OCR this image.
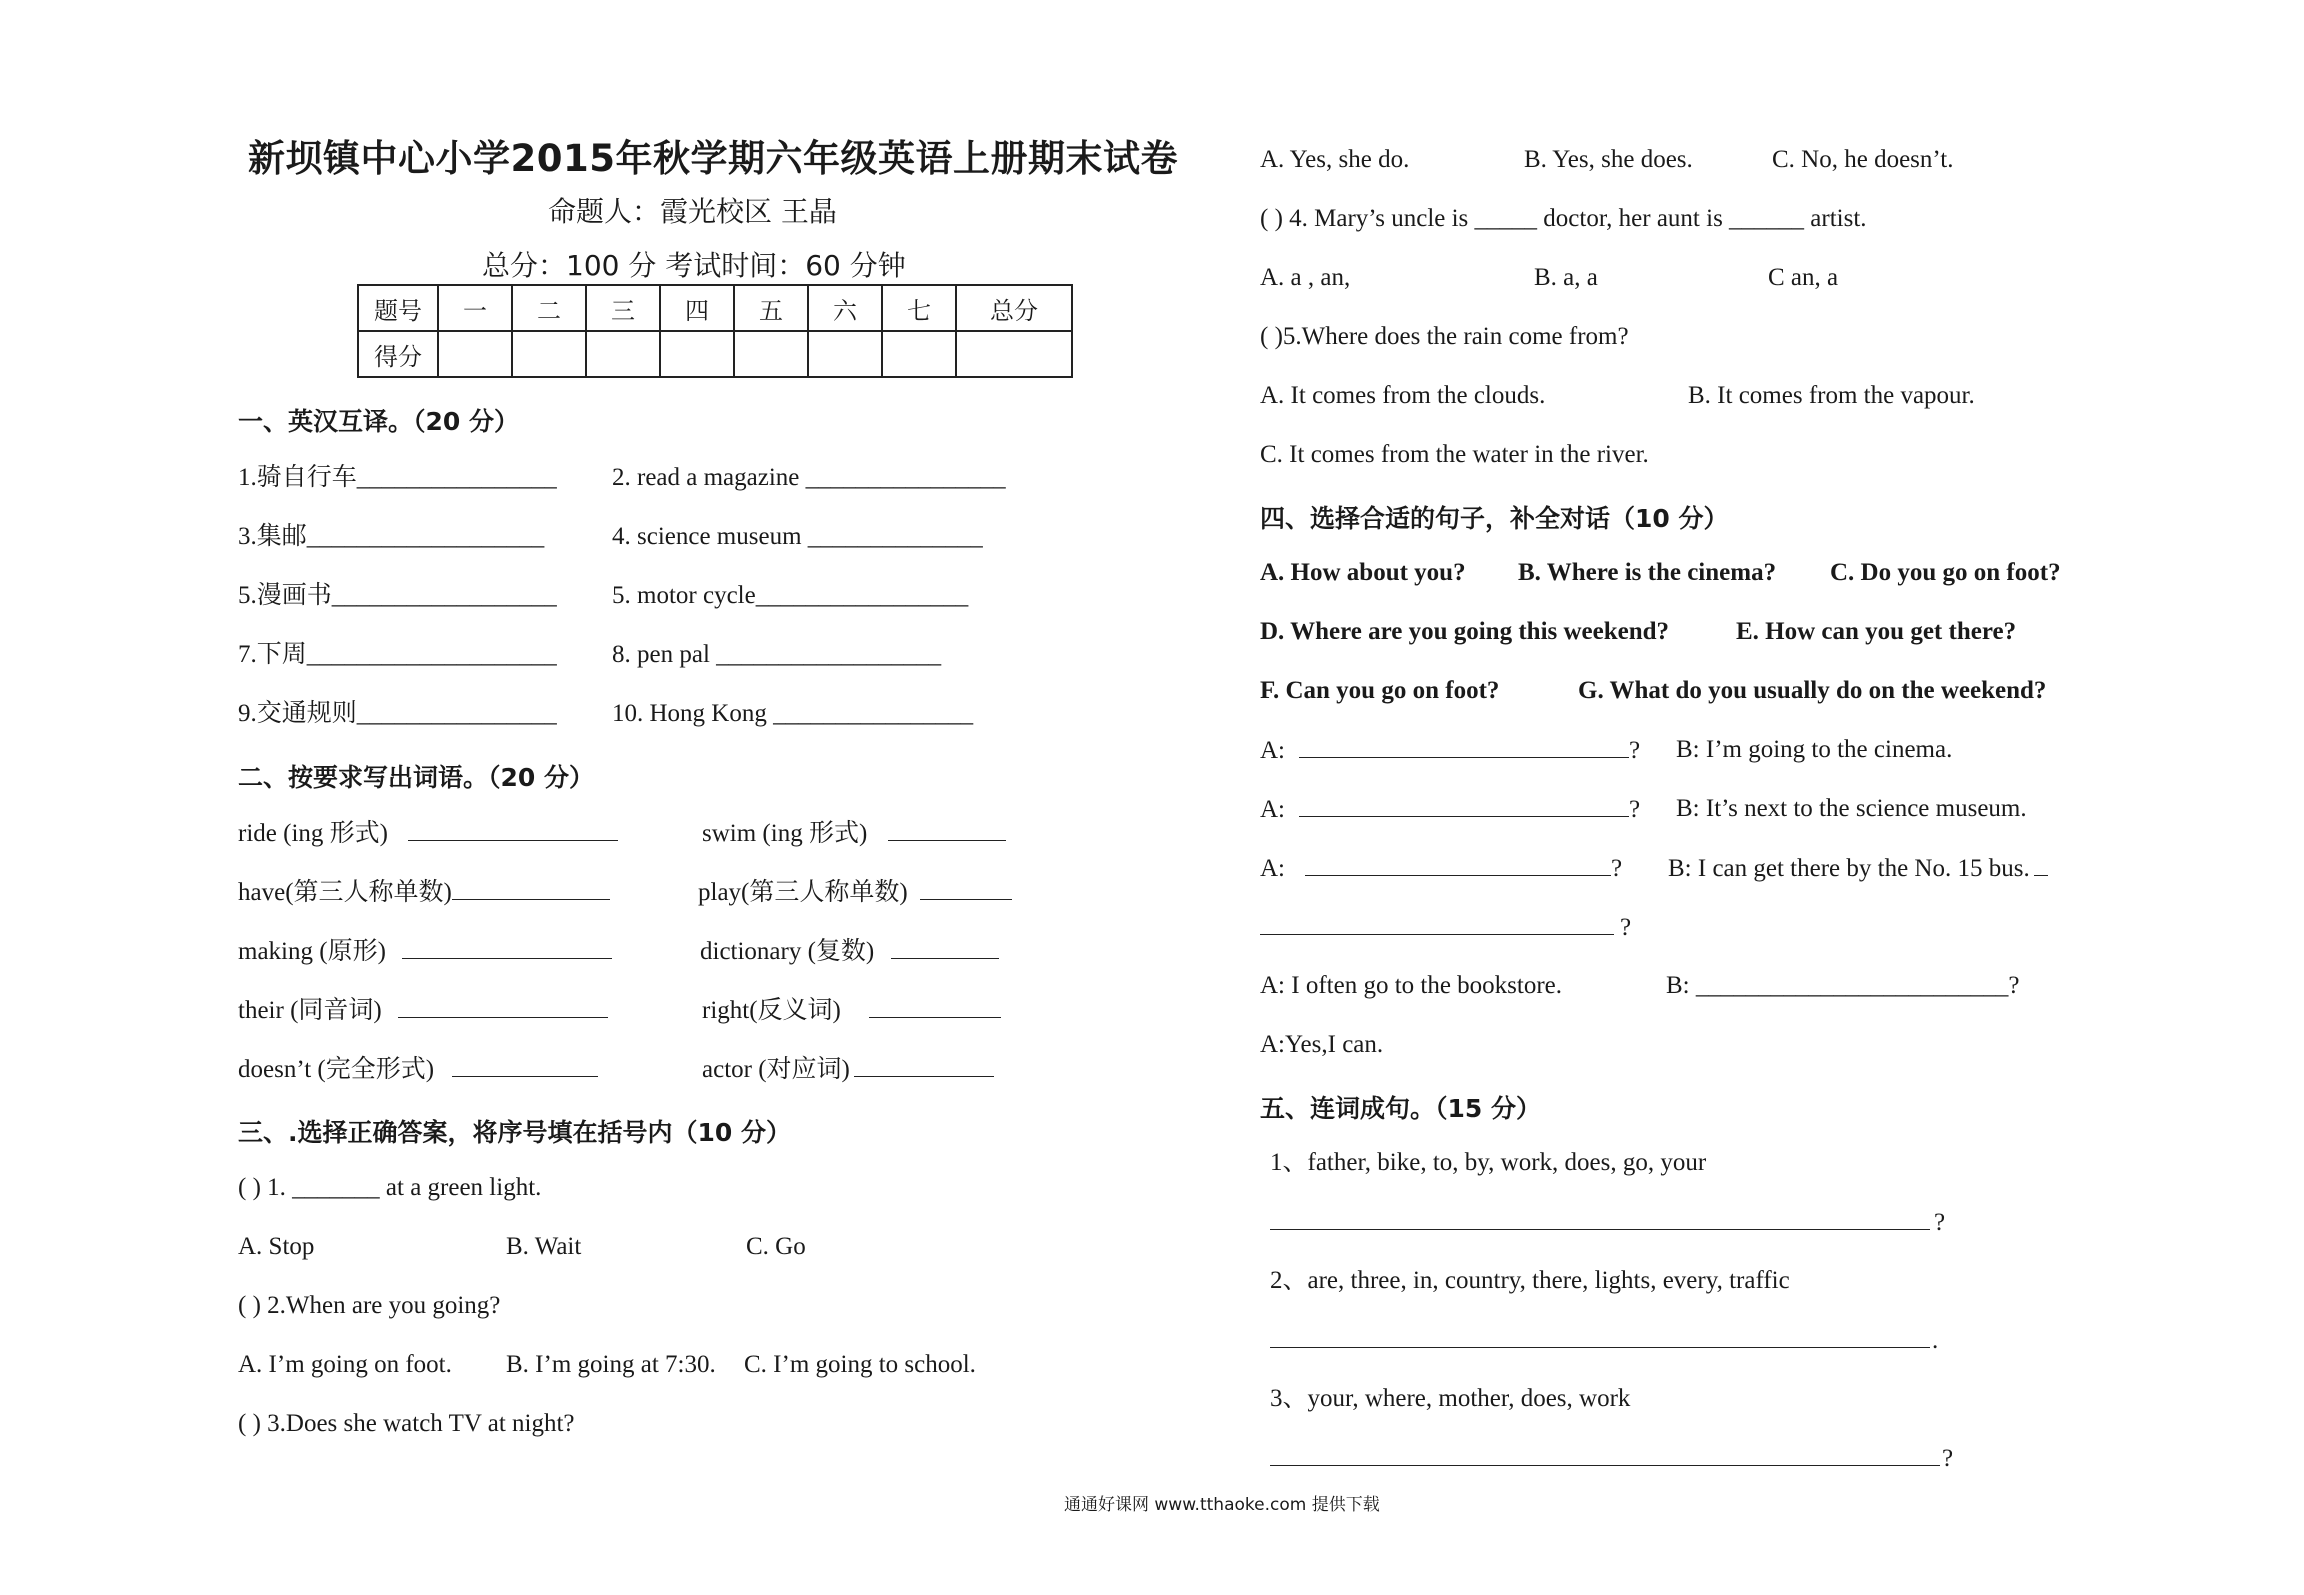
新坝镇中心小学2015年秋学期六年级英语上册期末试卷
命题人：霞光校区 王晶
总分：100 分 考试时间：60 分钟
题号	一	二	三	四	五	六	七	总分
得分								
一、英汉互译。（20 分）
1.骑自行车________________ 2. read a magazine ________________
3.集邮___________________	4. science museum ______________
5.漫画书__________________ 5. motor cycle_________________
7.下周____________________ 8. pen pal __________________
9.交通规则________________ 10. Hong Kong ________________
二、按要求写出词语。（20 分）
ride (ing 形式)	swim (ing 形式)
have(第三人称单数)	play(第三人称单数)
making (原形)	dictionary (复数)
their (同音词)	right(反义词)
doesn’t (完全形式)	actor (对应词)
三、.选择正确答案，将序号填在括号内（10 分）
( ) 1. _______ at a green light.
A. Stop	B. Wait	C. Go
( ) 2.When are you going?
A. I’m going on foot. B. I’m going at 7:30. C. I’m going to school.
( ) 3.Does she watch TV at night?
A. Yes, she do.	B. Yes, she does.	C. No, he doesn’t.
( ) 4. Mary’s uncle is _____ doctor, her aunt is ______ artist.
A. a , an,	B. a, a	C an, a
( )5.Where does the rain come from?
A. It comes from the clouds.	B. It comes from the vapour.
C. It comes from the water in the river.
四、选择合适的句子，补全对话（10 分）
A. How about you? B. Where is the cinema? C. Do you go on foot?
D. Where are you going this weekend?	E. How can you get there?
F. Can you go on foot?	G. What do you usually do on the weekend?
A:	? B: I’m going to the cinema.
A:	? B: It’s next to the science museum.
A:	? B: I can get there by the No. 15 bus.
?
A: I often go to the bookstore.	B: _________________________?
A:Yes,I can.
五、连词成句。（15 分）
1、father, bike, to, by, work, does, go, your
?
2、are, three, in, country, there, lights, every, traffic
.
3、your, where, mother, does, work
?
通通好课网 www.tthaoke.com 提供下载
